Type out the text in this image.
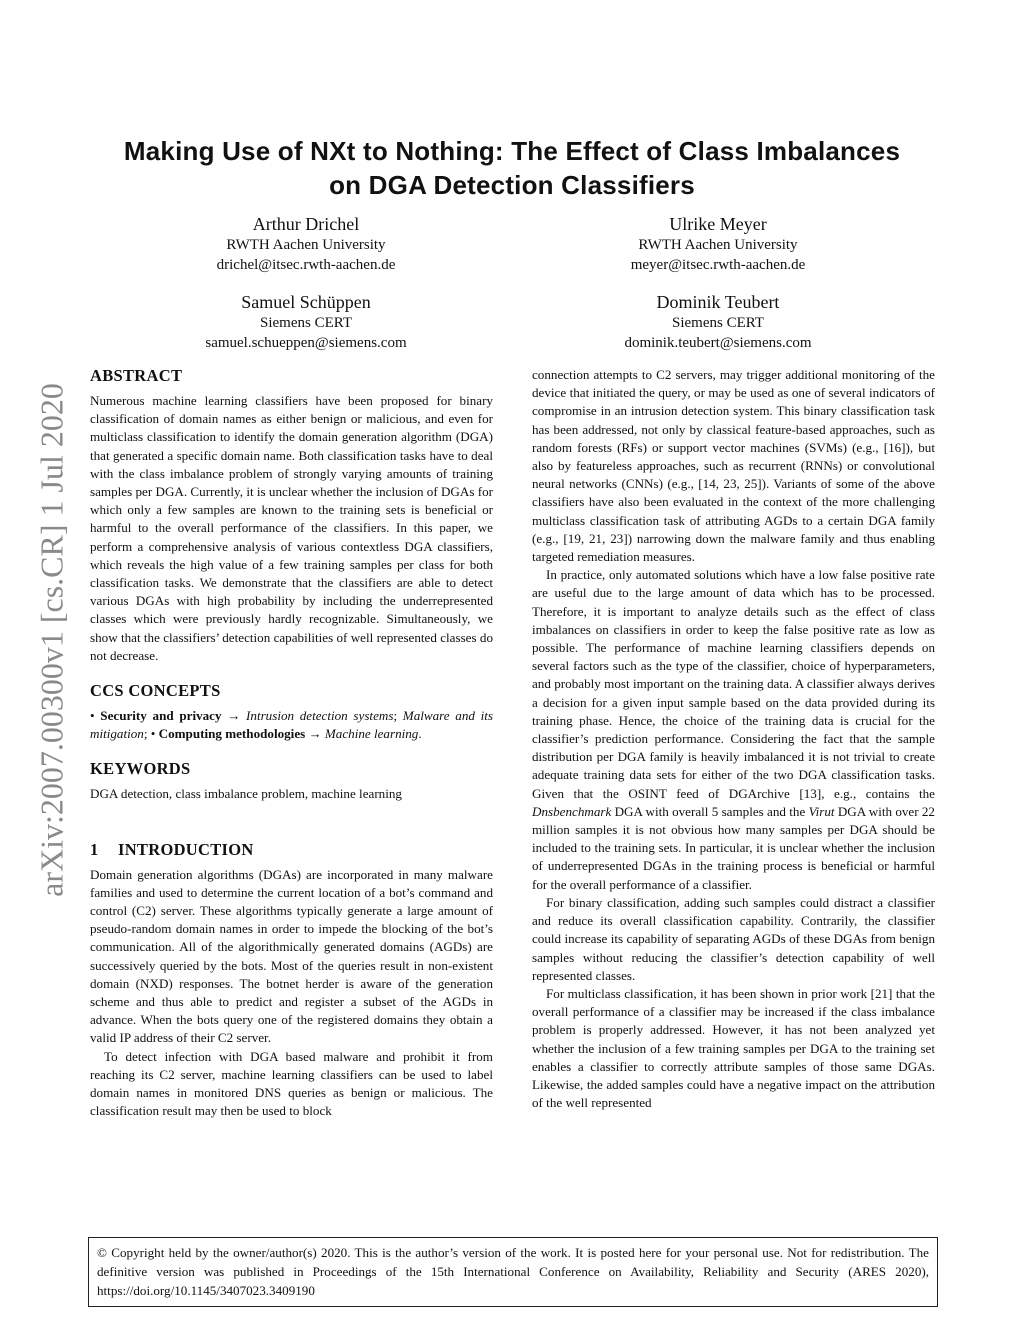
Making Use of NXt to Nothing: The Effect of Class Imbalances
on DGA Detection Classifiers
Arthur Drichel
RWTH Aachen University
drichel@itsec.rwth-aachen.de
Ulrike Meyer
RWTH Aachen University
meyer@itsec.rwth-aachen.de
Samuel Schüppen
Siemens CERT
samuel.schueppen@siemens.com
Dominik Teubert
Siemens CERT
dominik.teubert@siemens.com
arXiv:2007.00300v1 [cs.CR] 1 Jul 2020
ABSTRACT

Numerous machine learning classifiers have been proposed for binary classification of domain names as either benign or malicious, and even for multiclass classification to identify the domain generation algorithm (DGA) that generated a specific domain name. Both classification tasks have to deal with the class imbalance problem of strongly varying amounts of training samples per DGA. Currently, it is unclear whether the inclusion of DGAs for which only a few samples are known to the training sets is beneficial or harmful to the overall performance of the classifiers. In this paper, we perform a comprehensive analysis of various contextless DGA classifiers, which reveals the high value of a few training samples per class for both classification tasks. We demonstrate that the classifiers are able to detect various DGAs with high probability by including the underrepresented classes which were previously hardly recognizable. Simultaneously, we show that the classifiers’ detection capabilities of well represented classes do not decrease.

CCS CONCEPTS
• Security and privacy → Intrusion detection systems; Malware and its mitigation; • Computing methodologies → Machine learning.
KEYWORDS

DGA detection, class imbalance problem, machine learning

1 INTRODUCTION

Domain generation algorithms (DGAs) are incorporated in many malware families and used to determine the current location of a bot’s command and control (C2) server. These algorithms typically generate a large amount of pseudo-random domain names in order to impede the blocking of the bot’s communication. All of the algorithmically generated domains (AGDs) are successively queried by the bots. Most of the queries result in non-existent domain (NXD) responses. The botnet herder is aware of the generation scheme and thus able to predict and register a subset of the AGDs in advance. When the bots query one of the registered domains they obtain a valid IP address of their C2 server.

To detect infection with DGA based malware and prohibit it from reaching its C2 server, machine learning classifiers can be used to label domain names in monitored DNS queries as benign or malicious. The classification result may then be used to block

connection attempts to C2 servers, may trigger additional monitoring of the device that initiated the query, or may be used as one of several indicators of compromise in an intrusion detection system. This binary classification task has been addressed, not only by classical feature-based approaches, such as random forests (RFs) or support vector machines (SVMs) (e.g., [16]), but also by featureless approaches, such as recurrent (RNNs) or convolutional neural networks (CNNs) (e.g., [14, 23, 25]). Variants of some of the above classifiers have also been evaluated in the context of the more challenging multiclass classification task of attributing AGDs to a certain DGA family (e.g., [19, 21, 23]) narrowing down the malware family and thus enabling targeted remediation measures.

In practice, only automated solutions which have a low false positive rate are useful due to the large amount of data which has to be processed. Therefore, it is important to analyze details such as the effect of class imbalances on classifiers in order to keep the false positive rate as low as possible. The performance of machine learning classifiers depends on several factors such as the type of the classifier, choice of hyperparameters, and probably most important on the training data. A classifier always derives a decision for a given input sample based on the data provided during its training phase. Hence, the choice of the training data is crucial for the classifier’s prediction performance. Considering the fact that the sample distribution per DGA family is heavily imbalanced it is not trivial to create adequate training data sets for either of the two DGA classification tasks. Given that the OSINT feed of DGArchive [13], e.g., contains the Dnsbenchmark DGA with overall 5 samples and the Virut DGA with over 22 million samples it is not obvious how many samples per DGA should be included to the training sets. In particular, it is unclear whether the inclusion of underrepresented DGAs in the training process is beneficial or harmful for the overall performance of a classifier.

For binary classification, adding such samples could distract a classifier and reduce its overall classification capability. Contrarily, the classifier could increase its capability of separating AGDs of these DGAs from benign samples without reducing the classifier’s detection capability of well represented classes.

For multiclass classification, it has been shown in prior work [21] that the overall performance of a classifier may be increased if the class imbalance problem is properly addressed. However, it has not been analyzed yet whether the inclusion of a few training samples per DGA to the training set enables a classifier to correctly attribute samples of those same DGAs. Likewise, the added samples could have a negative impact on the attribution of the well represented

© Copyright held by the owner/author(s) 2020. This is the author’s version of the work. It is posted here for your personal use. Not for redistribution. The definitive version was published in Proceedings of the 15th International Conference on Availability, Reliability and Security (ARES 2020), https://doi.org/10.1145/3407023.3409190
